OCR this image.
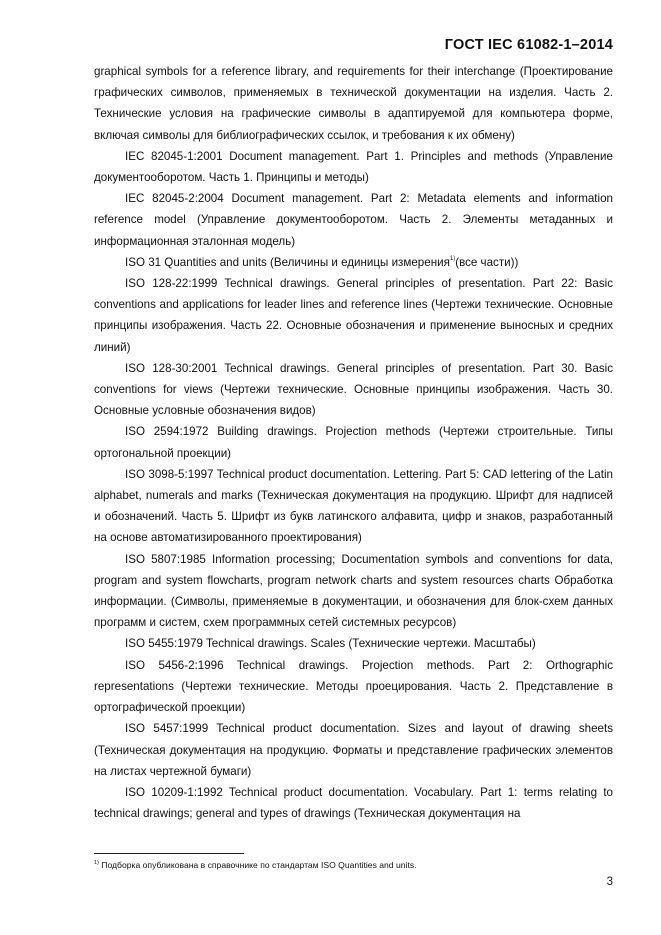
ГОСТ IEC 61082-1–2014

graphical symbols for a reference library, and requirements for their interchange (Проектирование графических символов, применяемых в технической документации на изделия. Часть 2. Технические условия на графические символы в адаптируемой для компьютера форме, включая символы для библиографических ссылок, и требования к их обмену)

IEC 82045-1:2001 Document management. Part 1. Principles and methods (Управление документооборотом. Часть 1. Принципы и методы)

IEC 82045-2:2004 Document management. Part 2: Metadata elements and information reference model (Управление документооборотом. Часть 2. Элементы метаданных и информационная эталонная модель)

ISO 31 Quantities and units (Величины и единицы измерения$^{1)}$(все части))

ISO 128-22:1999 Technical drawings. General principles of presentation. Part 22: Basic conventions and applications for leader lines and reference lines (Чертежи технические. Основные принципы изображения. Часть 22. Основные обозначения и применение выносных и средних линий)

ISO 128-30:2001 Technical drawings. General principles of presentation. Part 30. Basic conventions for views (Чертежи технические. Основные принципы изображения. Часть 30. Основные условные обозначения видов)

ISO 2594:1972 Building drawings. Projection methods (Чертежи строительные. Типы ортогональной проекции)

ISO 3098-5:1997 Technical product documentation. Lettering. Part 5: CAD lettering of the Latin alphabet, numerals and marks (Техническая документация на продукцию. Шрифт для надписей и обозначений. Часть 5. Шрифт из букв латинского алфавита, цифр и знаков, разработанный на основе автоматизированного проектирования)

ISO 5807:1985 Information processing; Documentation symbols and conventions for data, program and system flowcharts, program network charts and system resources charts Обработка информации. (Символы, применяемые в документации, и обозначения для блок-схем данных программ и систем, схем программных сетей системных ресурсов)

ISO 5455:1979 Technical drawings. Scales (Технические чертежи. Масштабы)

ISO 5456-2:1996 Technical drawings. Projection methods. Part 2: Orthographic representations (Чертежи технические. Методы проецирования. Часть 2. Представление в ортографической проекции)

ISO 5457:1999 Technical product documentation. Sizes and layout of drawing sheets (Техническая документация на продукцию. Форматы и представление графических элементов на листах чертежной бумаги)

ISO 10209-1:1992 Technical product documentation. Vocabulary. Part 1: terms relating to technical drawings; general and types of drawings (Техническая документация на

$^{1)}$ Подборка опубликована в справочнике по стандартам ISO Quantities and units.
3
